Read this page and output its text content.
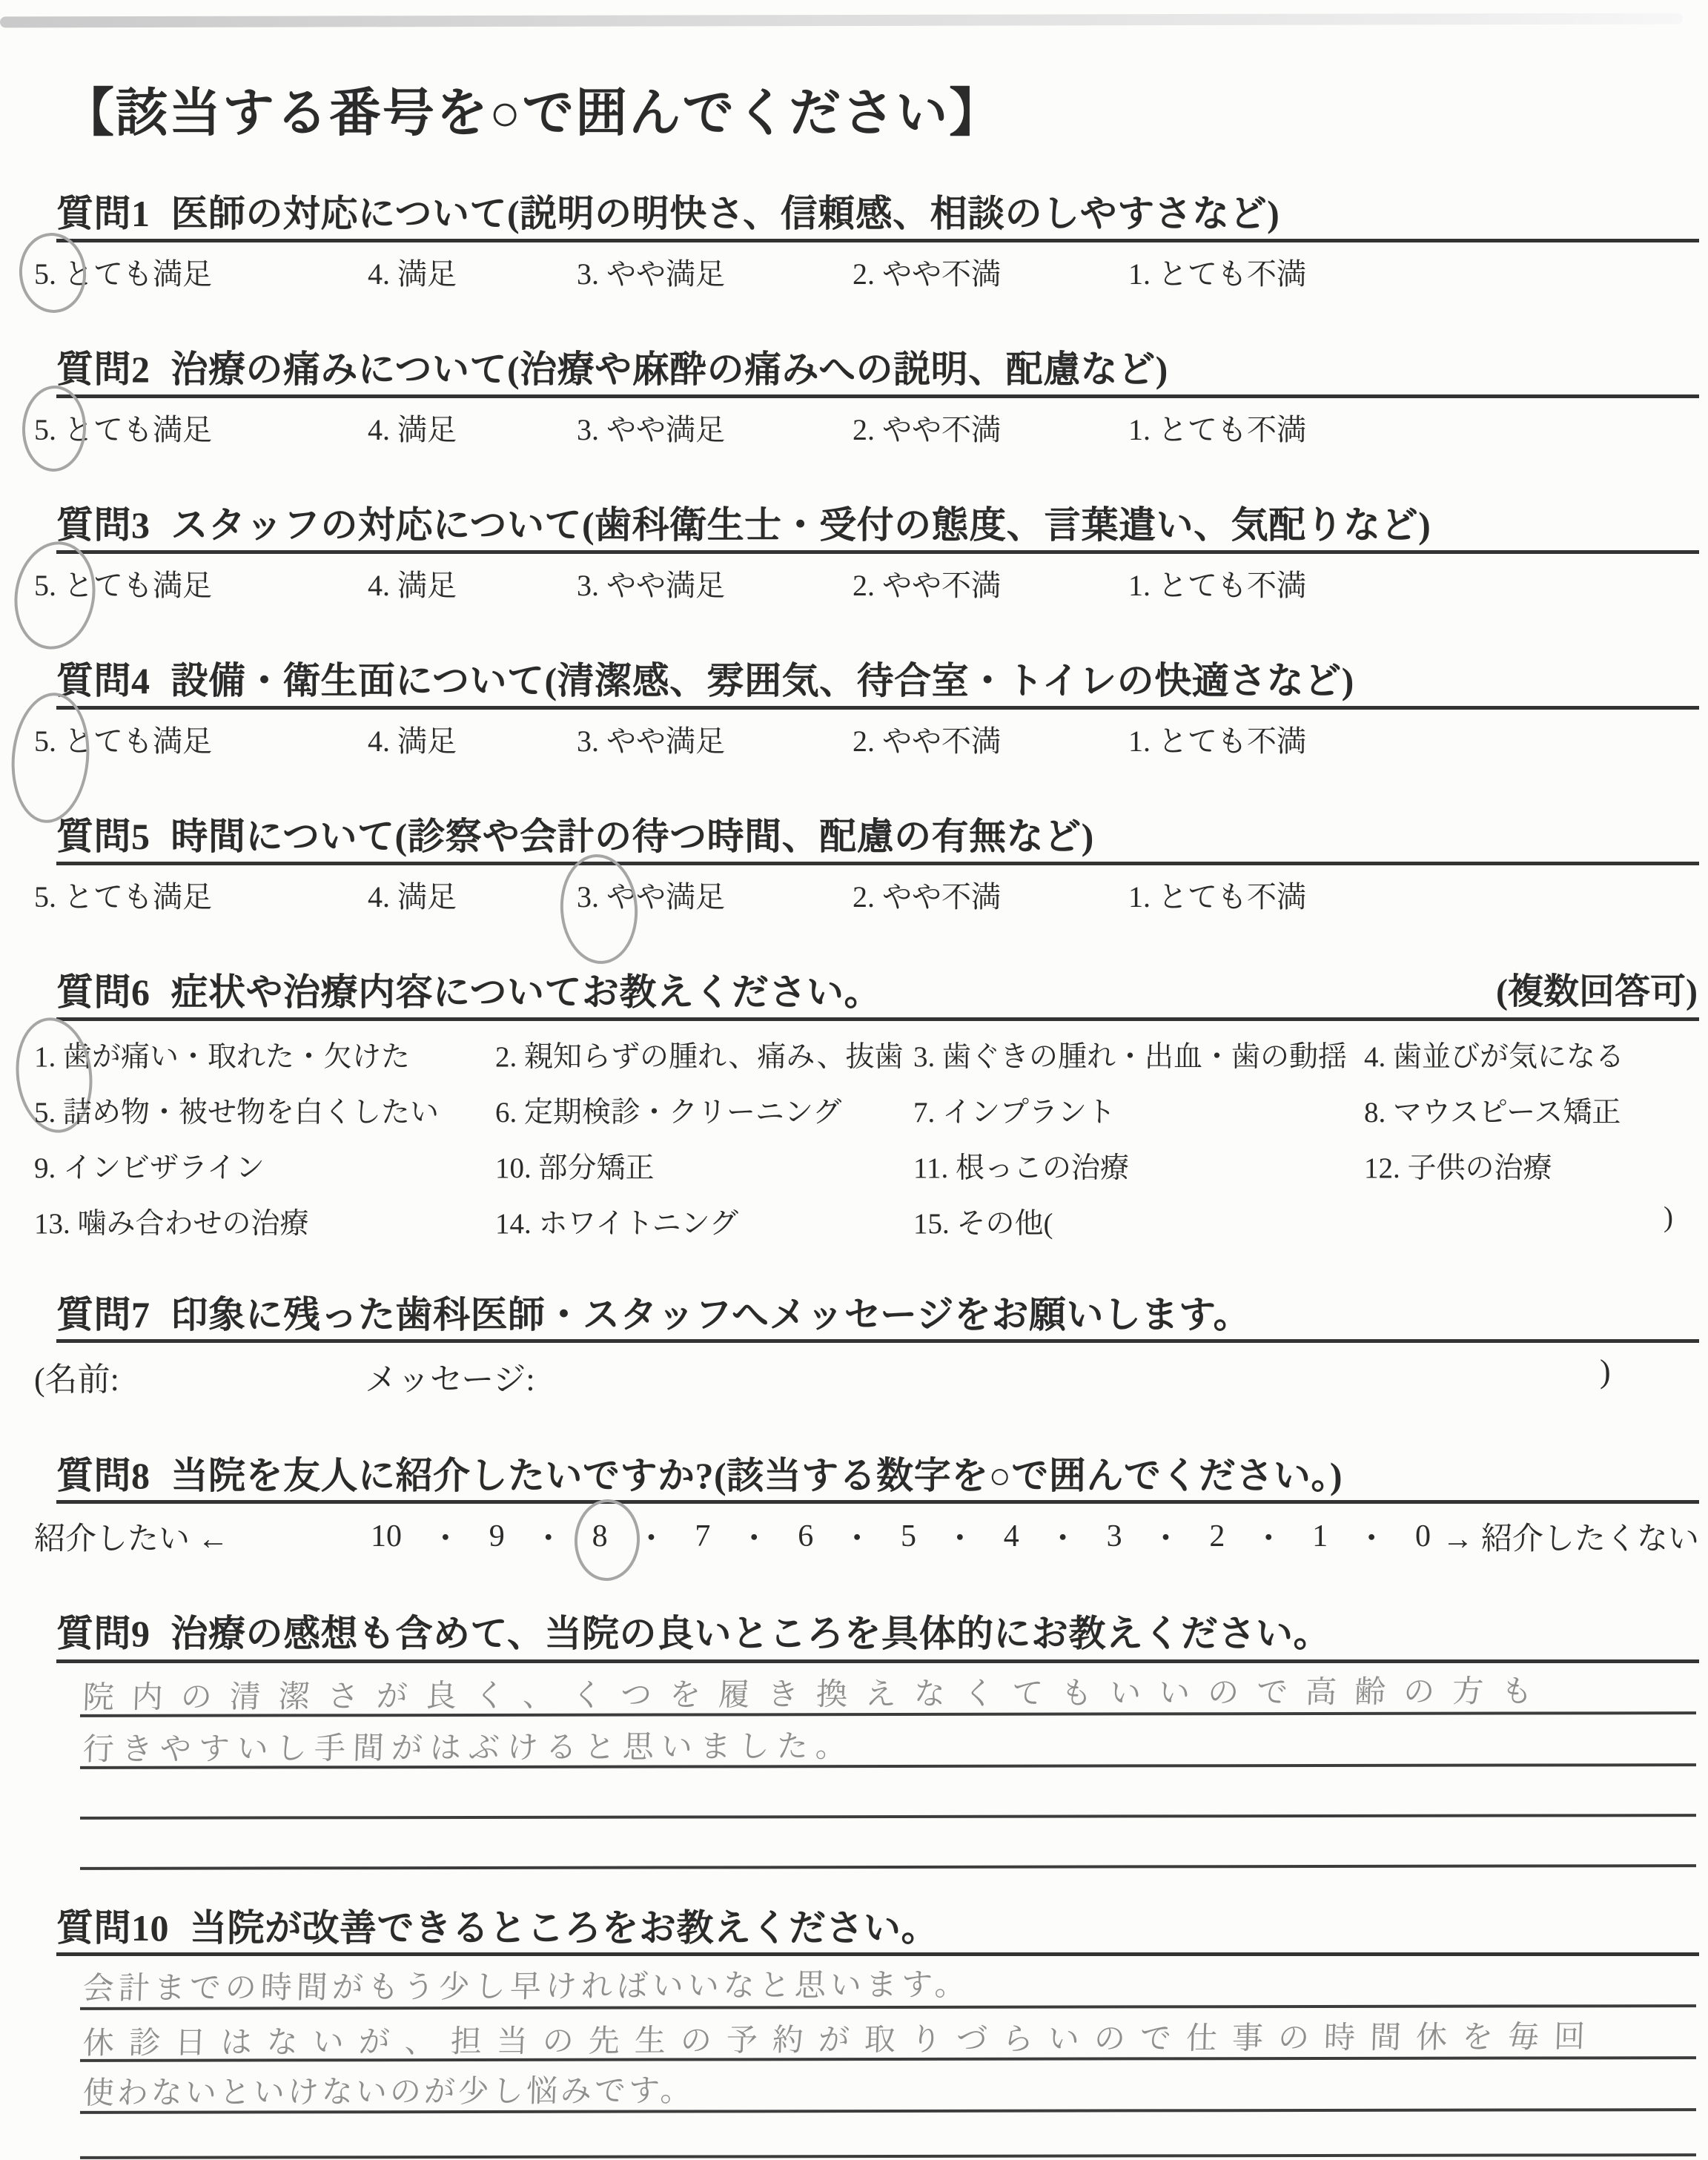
【該当する番号を○で囲んでください】
質問1 医師の対応について(説明の明快さ、信頼感、相談のしやすさなど)
5. とても満足	4. 満足	3. やや満足	2. やや不満	1. とても不満
質問2 治療の痛みについて(治療や麻酔の痛みへの説明、配慮など)
5. とても満足	4. 満足	3. やや満足	2. やや不満	1. とても不満
質問3 スタッフの対応について(歯科衛生士・受付の態度、言葉遣い、気配りなど)
5. とても満足	4. 満足	3. やや満足	2. やや不満	1. とても不満
質問4 設備・衛生面について(清潔感、雰囲気、待合室・トイレの快適さなど)
5. とても満足	4. 満足	3. やや満足	2. やや不満	1. とても不満
質問5 時間について(診察や会計の待つ時間、配慮の有無など)
5. とても満足	4. 満足	3. やや満足	2. やや不満	1. とても不満
質問6 症状や治療内容についてお教えください。	(複数回答可)
1. 歯が痛い・取れた・欠けた	2. 親知らずの腫れ、痛み、抜歯 3. 歯ぐきの腫れ・出血・歯の動揺 4. 歯並びが気になる
5. 詰め物・被せ物を白くしたい 6. 定期検診・クリーニング 7. インプラント	8. マウスピース矯正
9. インビザライン	10. 部分矯正	11. 根っこの治療	12. 子供の治療
13. 噛み合わせの治療	14. ホワイトニング	15. その他(	)
質問7 印象に残った歯科医師・スタッフへメッセージをお願いします。
(名前:	メッセージ:	)
質問8 当院を友人に紹介したいですか?(該当する数字を○で囲んでください。)
紹介したい ←	10 ・ 9 ・ 8 ・ 7 ・ 6 ・ 5 ・ 4 ・ 3 ・ 2 ・ 1 ・ 0 → 紹介したくない
質問9 治療の感想も含めて、当院の良いところを具体的にお教えください。
院内の清潔さが良く、くつを履き換えなくてもいいので高齢の方も
行きやすいし手間がはぶけると思いました。
質問10 当院が改善できるところをお教えください。
会計までの時間がもう少し早ければいいなと思います。
休診日はないが、担当の先生の予約が取りづらいので仕事の時間休を毎回
使わないといけないのが少し悩みです。
